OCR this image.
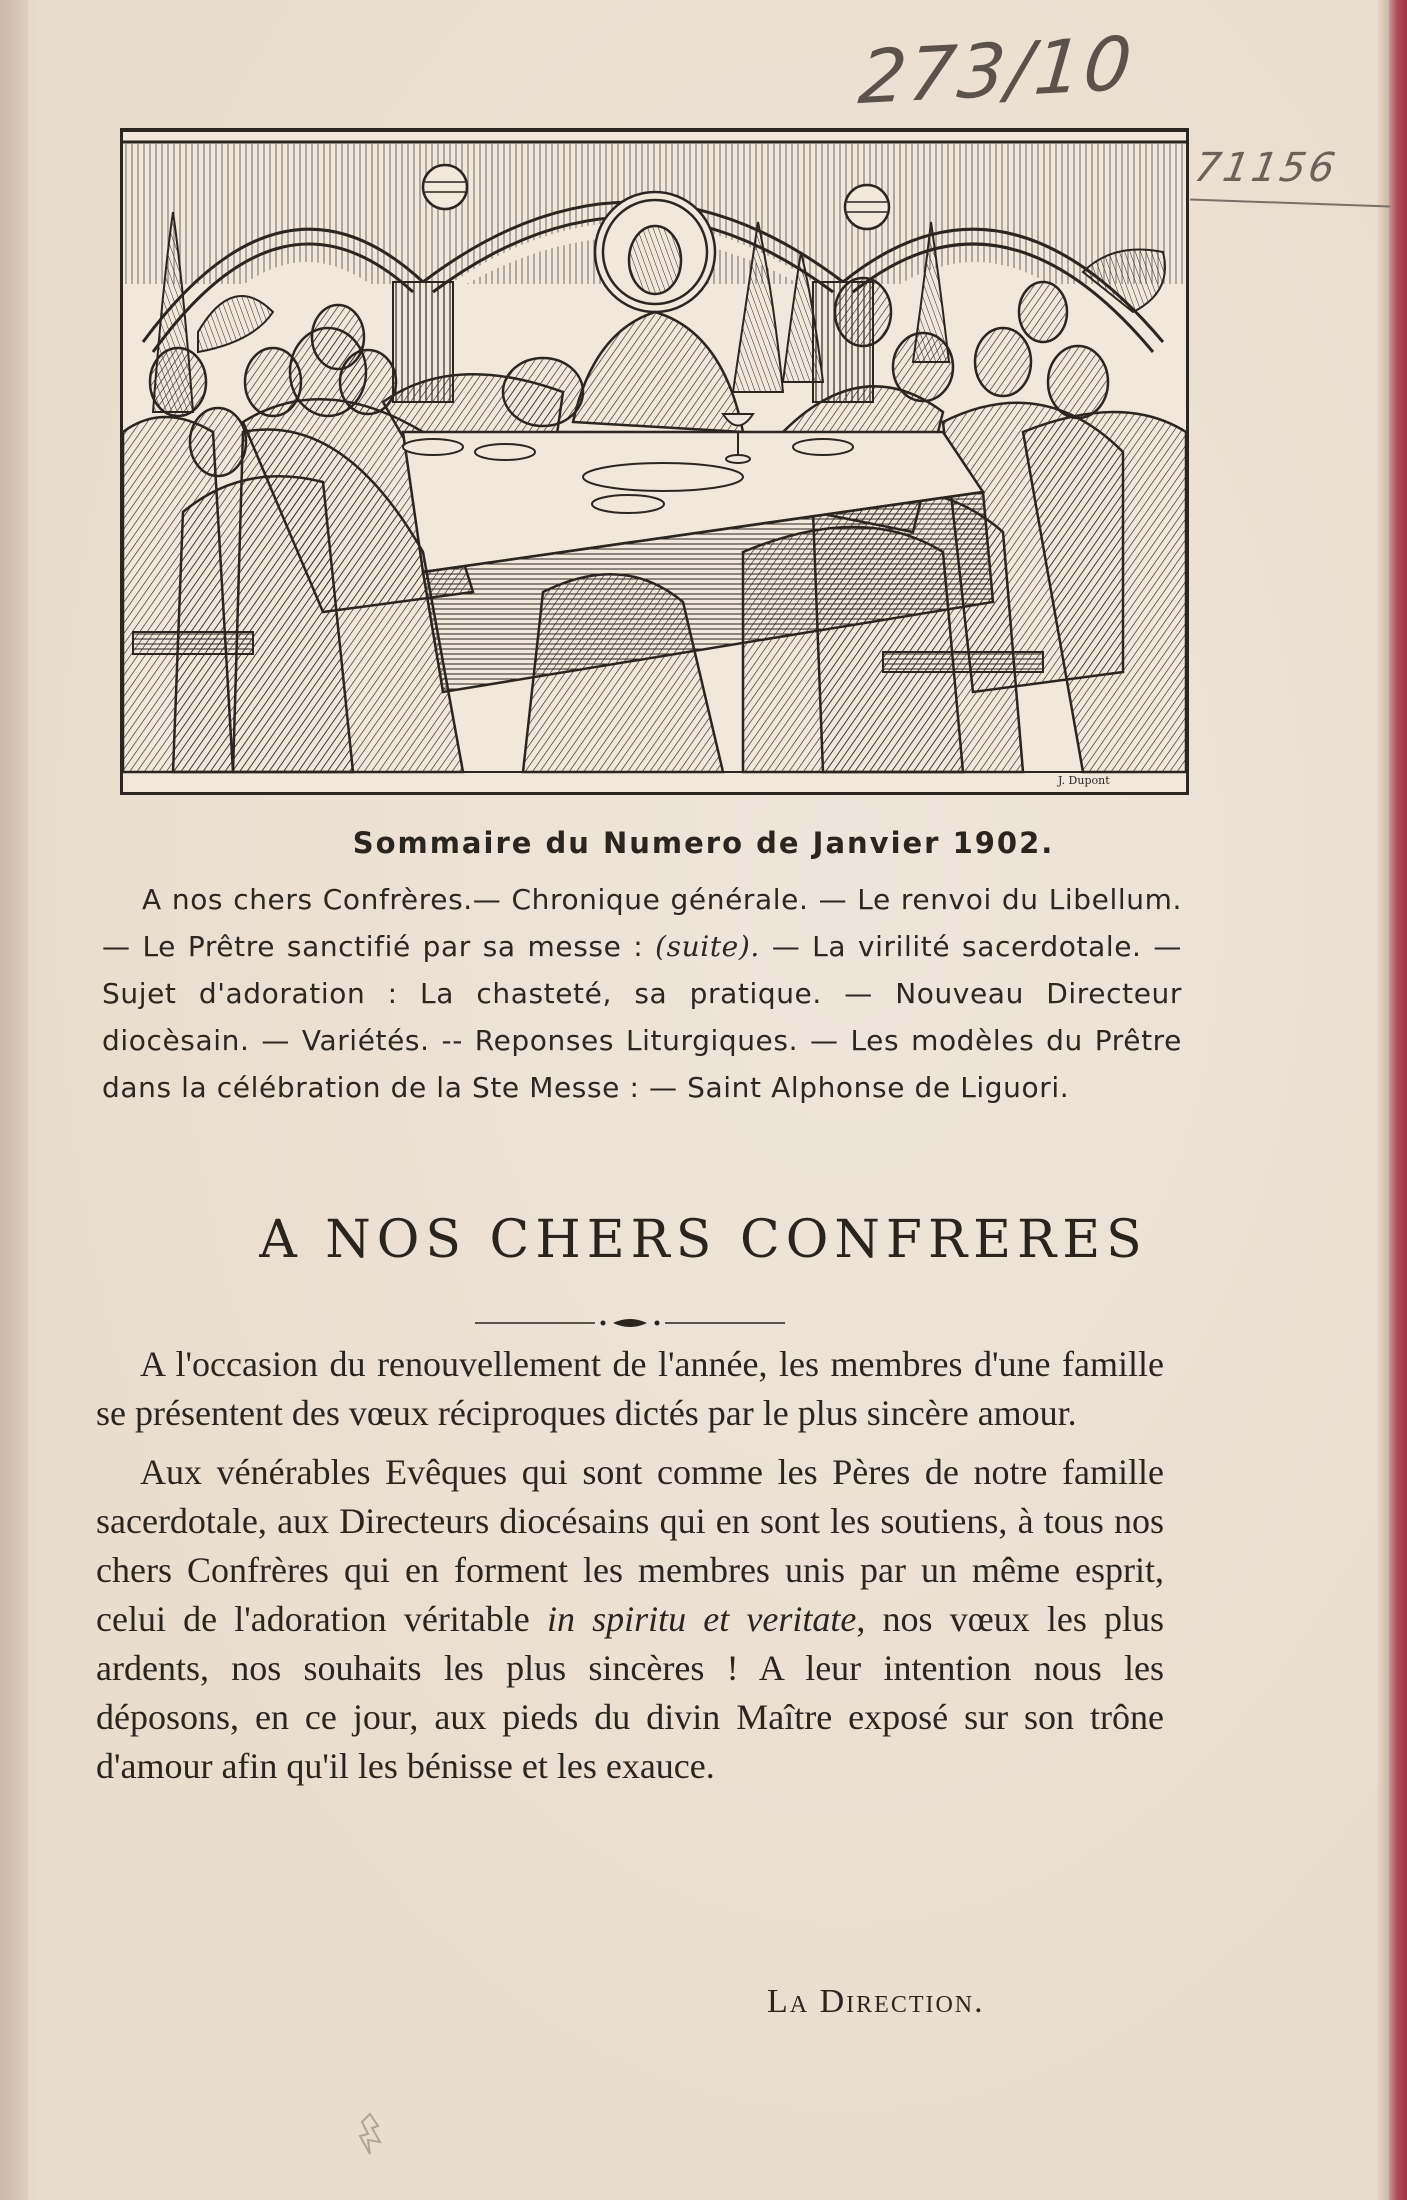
273/10
71156
J. Dupont
Sommaire du Numero de Janvier 1902.
A nos chers Confrères.— Chronique générale. — Le renvoi du Libellum. — Le Prêtre sanctifié par sa messe : (suite). — La virilité sacerdotale. — Sujet d'adoration : La chasteté, sa pratique. — Nouveau Directeur diocèsain. — Variétés. -- Reponses Liturgiques. — Les modèles du Prêtre dans la célébration de la Ste Messe : — Saint Alphonse de Liguori.
A NOS CHERS CONFRERES

A l'occasion du renouvellement de l'année, les membres d'une famille se présentent des vœux réciproques dictés par le plus sincère amour.

Aux vénérables Evêques qui sont comme les Pères de notre famille sacerdotale, aux Directeurs diocésains qui en sont les soutiens, à tous nos chers Confrères qui en forment les membres unis par un même esprit, celui de l'adoration véritable in spiritu et veritate, nos vœux les plus ardents, nos souhaits les plus sincères ! A leur intention nous les déposons, en ce jour, aux pieds du divin Maître exposé sur son trône d'amour afin qu'il les bénisse et les exauce.

La Direction.
